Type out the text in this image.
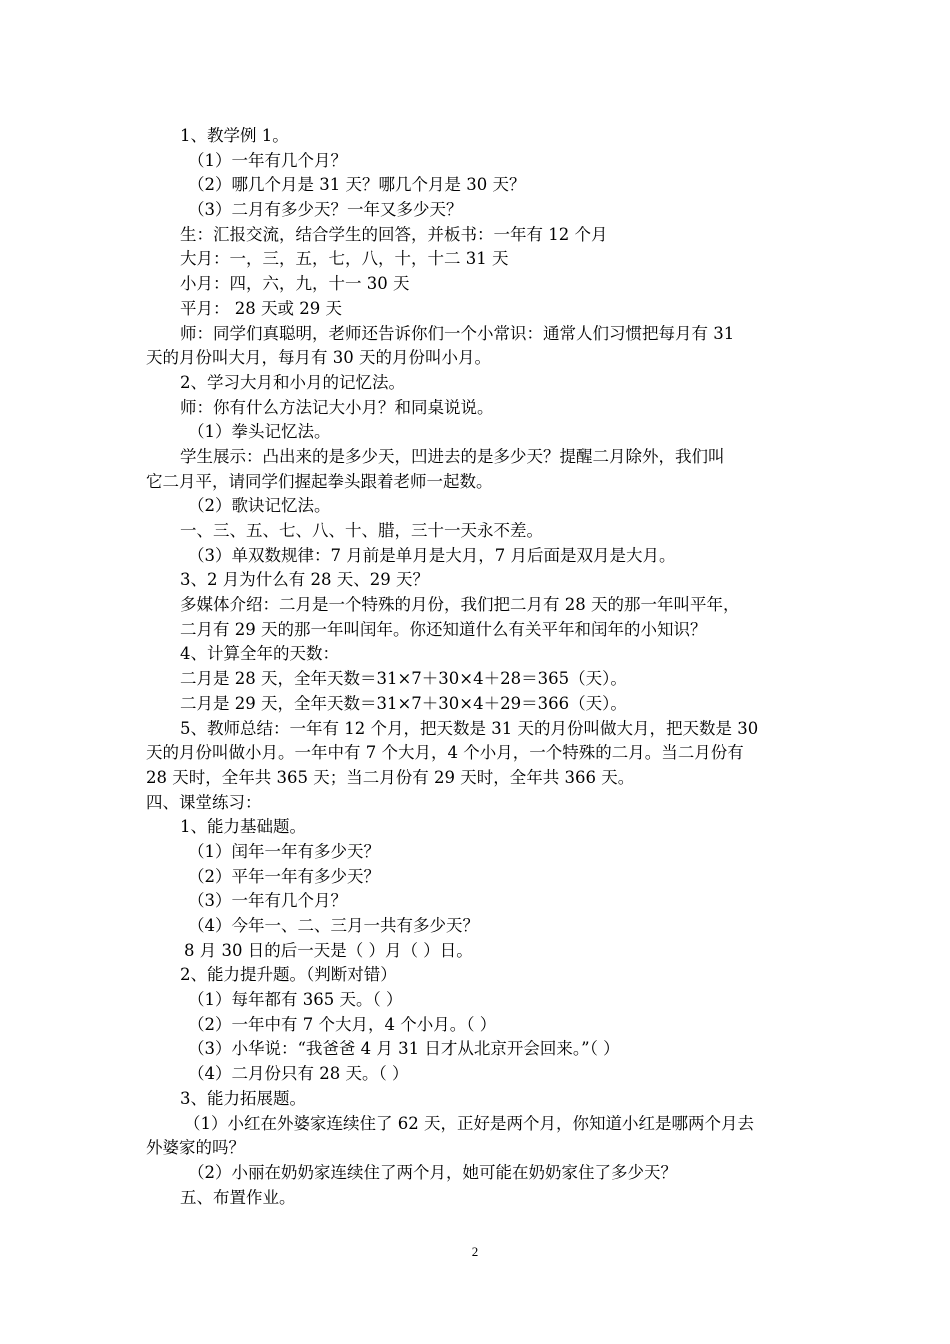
1、教学例 1。

（1）一年有几个月？

（2）哪几个月是 31 天？哪几个月是 30 天？

（3）二月有多少天？一年又多少天？

生：汇报交流，结合学生的回答，并板书：一年有 12 个月

大月：一，三，五，七，八，十，十二 31 天

小月：四，六，九，十一 30 天

平月： 28 天或 29 天

师：同学们真聪明，老师还告诉你们一个小常识：通常人们习惯把每月有 31

天的月份叫大月，每月有 30 天的月份叫小月。

2、学习大月和小月的记忆法。

师：你有什么方法记大小月？和同桌说说。

（1）拳头记忆法。

学生展示：凸出来的是多少天，凹进去的是多少天？提醒二月除外，我们叫

它二月平，请同学们握起拳头跟着老师一起数。

（2）歌诀记忆法。

一、三、五、七、八、十、腊，三十一天永不差。

（3）单双数规律：7 月前是单月是大月，7 月后面是双月是大月。

3、2 月为什么有 28 天、29 天？

多媒体介绍：二月是一个特殊的月份，我们把二月有 28 天的那一年叫平年，

二月有 29 天的那一年叫闰年。你还知道什么有关平年和闰年的小知识？

4、计算全年的天数：

二月是 28 天，全年天数＝31×7＋30×4＋28＝365（天）。

二月是 29 天，全年天数＝31×7＋30×4＋29＝366（天）。

5、教师总结：一年有 12 个月，把天数是 31 天的月份叫做大月，把天数是 30

天的月份叫做小月。一年中有 7 个大月，4 个小月，一个特殊的二月。当二月份有

28 天时，全年共 365 天；当二月份有 29 天时，全年共 366 天。

四、课堂练习：

1、能力基础题。

（1）闰年一年有多少天？

（2）平年一年有多少天？

（3）一年有几个月？

（4）今年一、二、三月一共有多少天？

8 月 30 日的后一天是（ ）月（ ）日。

2、能力提升题。（判断对错）

（1）每年都有 365 天。（ ）

（2）一年中有 7 个大月，4 个小月。（ ）

（3）小华说：“我爸爸 4 月 31 日才从北京开会回来。”（ ）

（4）二月份只有 28 天。（ ）

3、能力拓展题。

（1）小红在外婆家连续住了 62 天，正好是两个月，你知道小红是哪两个月去

外婆家的吗？

（2）小丽在奶奶家连续住了两个月，她可能在奶奶家住了多少天？

五、布置作业。

2
